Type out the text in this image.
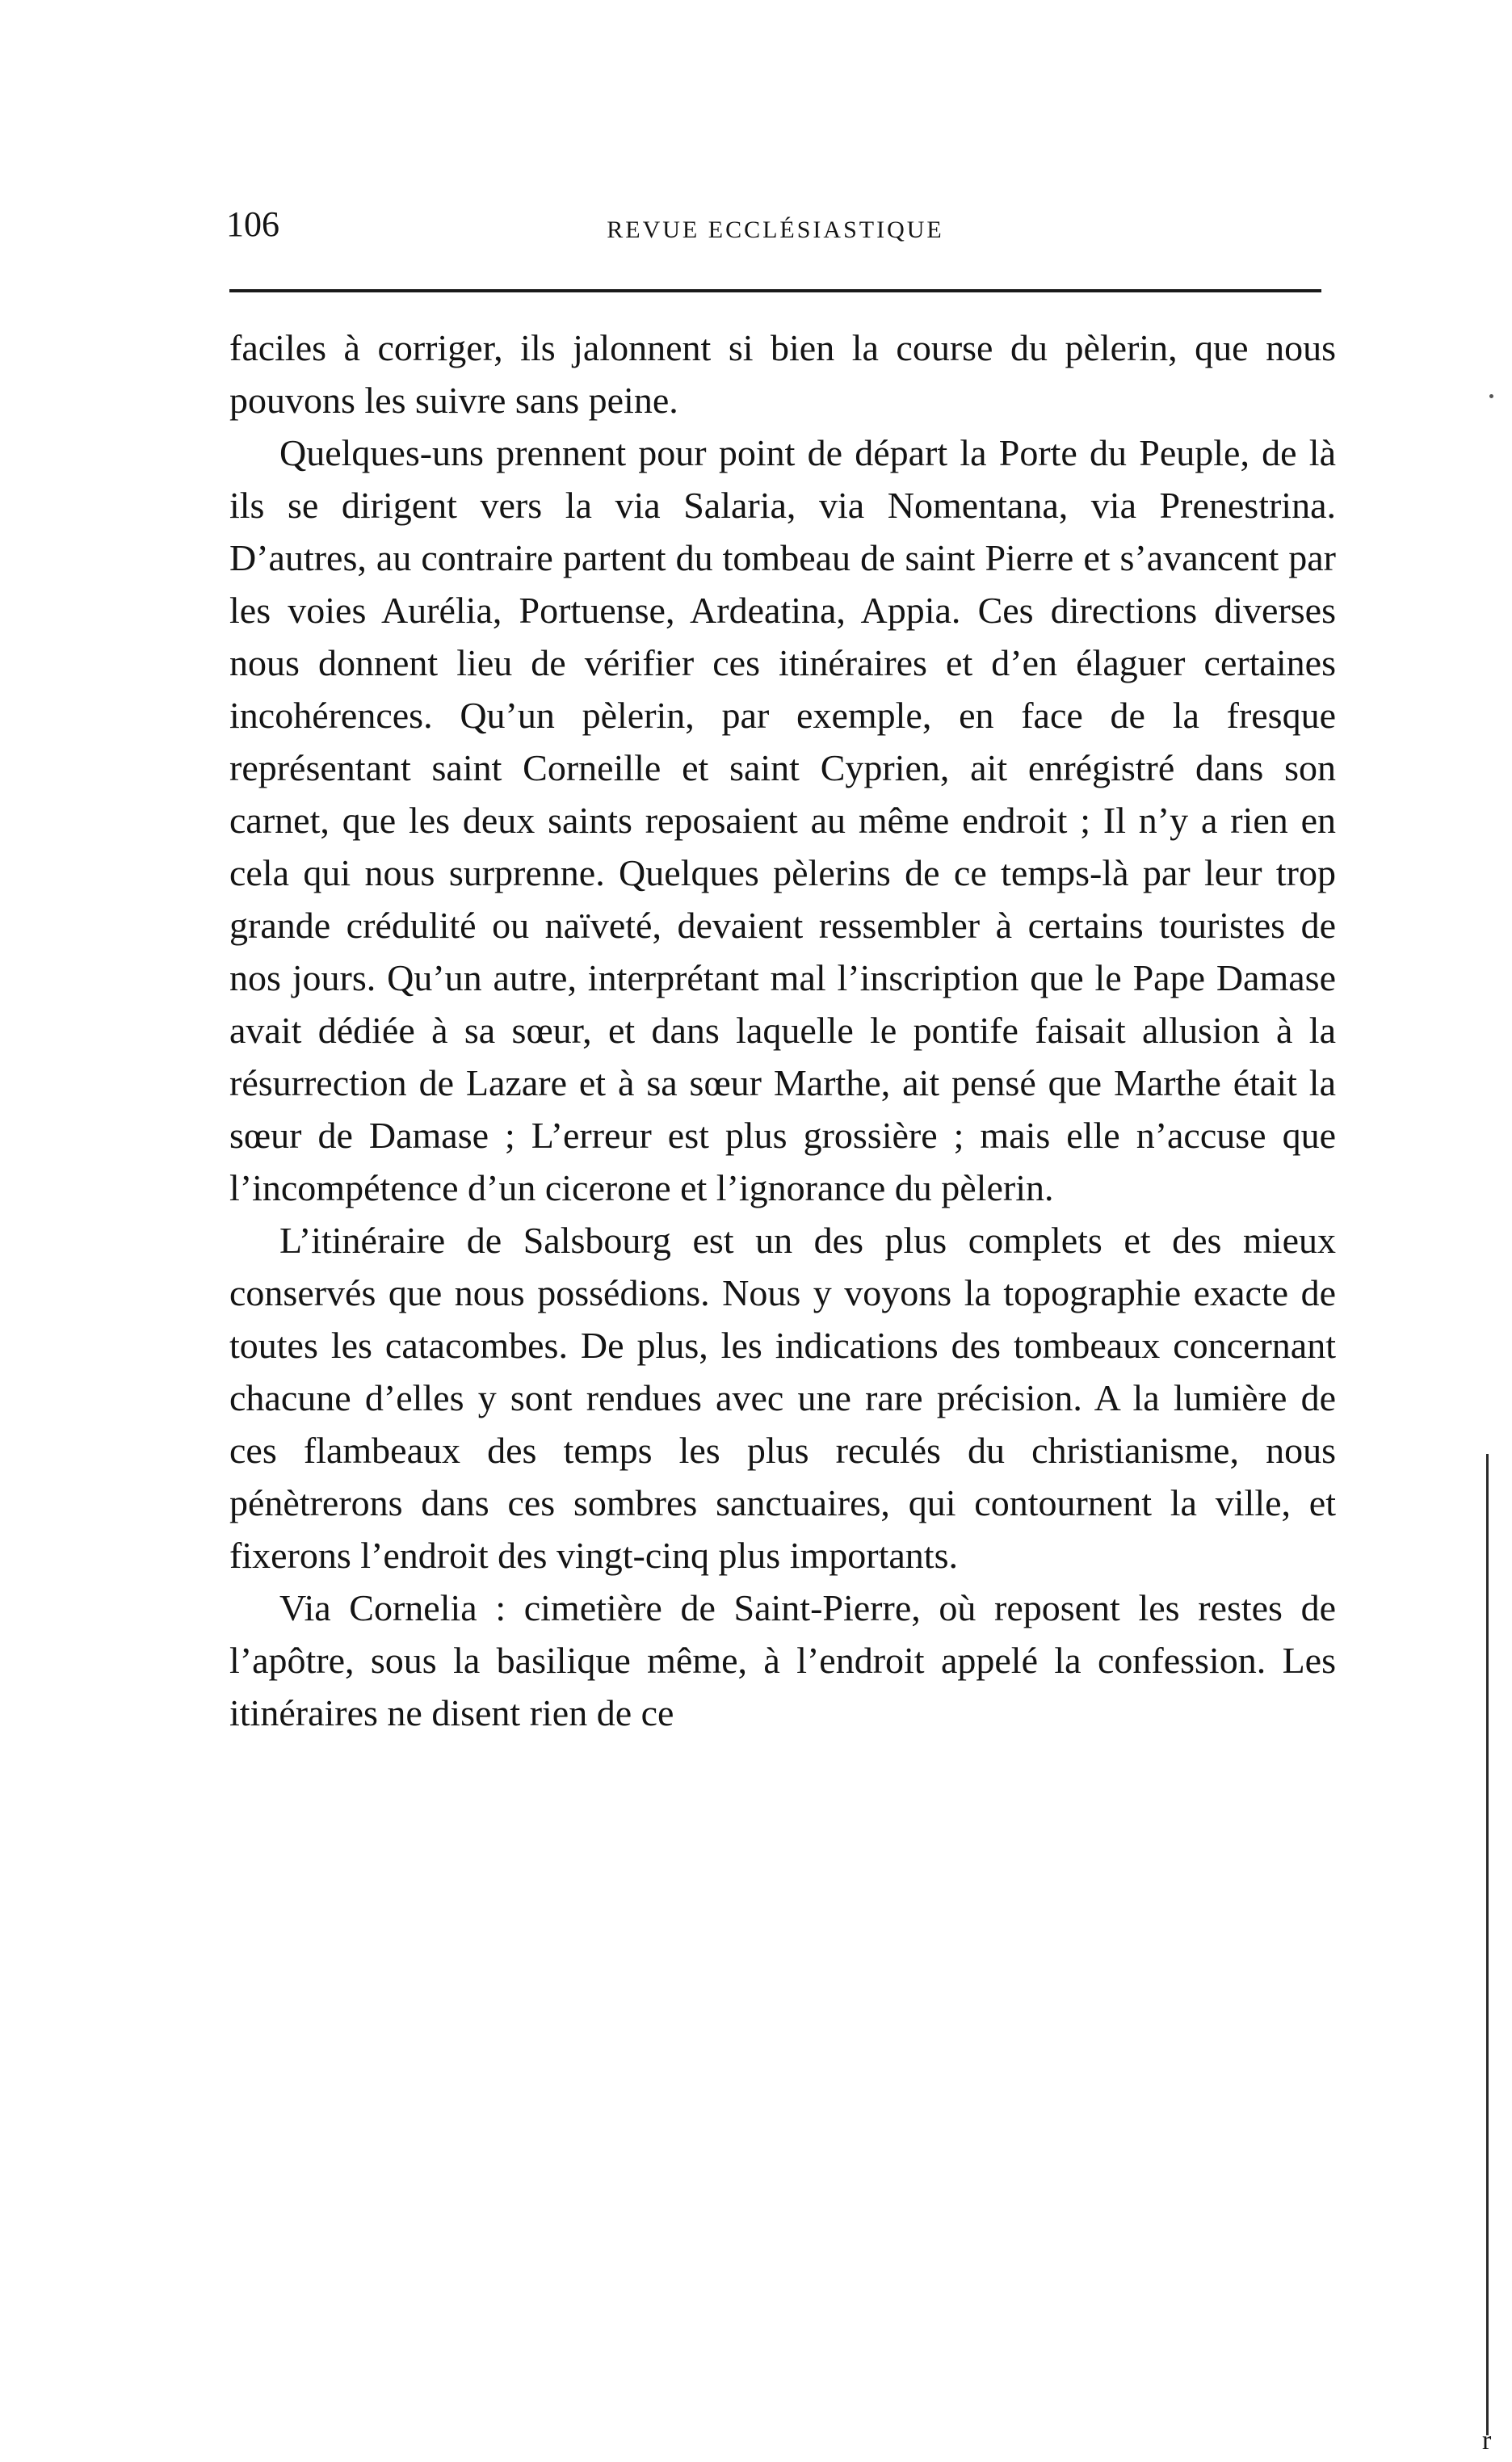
106	REVUE ECCLÉSIASTIQUE

faciles à corriger, ils jalonnent si bien la course du pèlerin, que nous pouvons les suivre sans peine.

Quelques-uns prennent pour point de départ la Porte du Peuple, de là ils se dirigent vers la via Salaria, via Nomentana, via Prenestrina. D’autres, au contraire partent du tombeau de saint Pierre et s’avancent par les voies Aurélia, Portuense, Ardeatina, Appia. Ces directions diverses nous donnent lieu de vérifier ces itinéraires et d’en élaguer certaines incohérences. Qu’un pèlerin, par exemple, en face de la fresque représentant saint Corneille et saint Cyprien, ait enrégistré dans son carnet, que les deux saints reposaient au même endroit ; Il n’y a rien en cela qui nous surprenne. Quelques pèlerins de ce temps-là par leur trop grande crédulité ou naïveté, devaient ressembler à certains touristes de nos jours. Qu’un autre, interprétant mal l’inscription que le Pape Damase avait dédiée à sa sœur, et dans laquelle le pontife faisait allusion à la résurrection de Lazare et à sa sœur Marthe, ait pensé que Marthe était la sœur de Damase ; L’erreur est plus grossière ; mais elle n’accuse que l’incompétence d’un cicerone et l’ignorance du pèlerin.

L’itinéraire de Salsbourg est un des plus complets et des mieux conservés que nous possédions. Nous y voyons la topographie exacte de toutes les catacombes. De plus, les indications des tombeaux concernant chacune d’elles y sont rendues avec une rare précision. A la lumière de ces flambeaux des temps les plus reculés du christianisme, nous pénètrerons dans ces sombres sanctuaires, qui contournent la ville, et fixerons l’endroit des vingt-cinq plus importants.

Via Cornelia : cimetière de Saint-Pierre, où reposent les restes de l’apôtre, sous la basilique même, à l’endroit appelé la confession. Les itinéraires ne disent rien de ce

r
